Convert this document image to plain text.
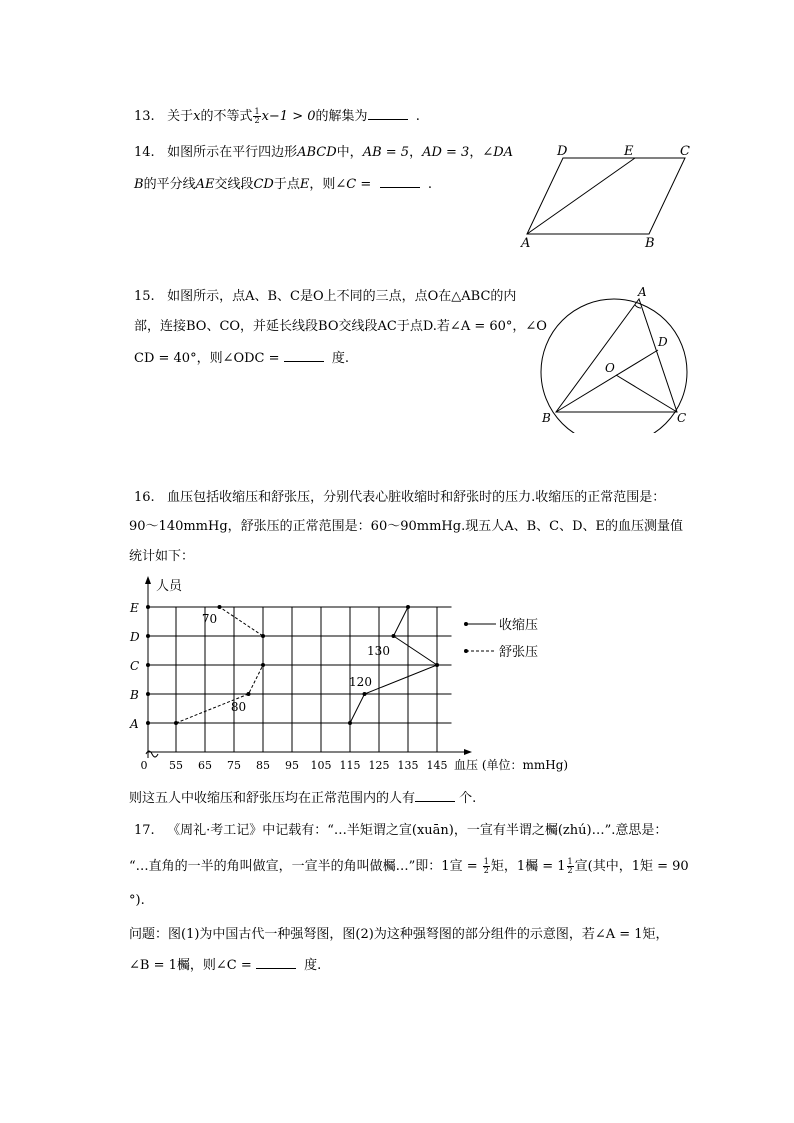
13. 关于x的不等式 $\frac{1}{2} x-1 > 0$的解集为	.
14. 如图所示在平行四边形ABCD中，AB = 5，AD = 3，∠DA
B的平分线AE交线段CD于点E，则∠C =	.
D	E	C
A	B
15. 如图所示，点A、B、C是O上不同的三点，点O在△ABC的内
部，连接BO、CO，并延长线段BO交线段AC于点D.若∠A = 60°，∠O
CD = 40°，则∠ODC =	度.
A
D
O
B	C
16. 血压包括收缩压和舒张压，分别代表心脏收缩时和舒张时的压力.收缩压的正常范围是：
90～140mmHg，舒张压的正常范围是：60～90mmHg.现五人A、B、C、D、E的血压测量值
统计如下：
人员
A
B
C
D
E
55 65 75 85 95 105 115 125 135 145
0	血压 (单位：mmHg)
70
80
120
130
收缩压
舒张压
则这五人中收缩压和舒张压均在正常范围内的人有	个.
17. 《周礼·考工记》中记载有：“…半矩谓之宣(xuān)，一宣有半谓之欘(zhú)…”.意思是：
“…直角的一半的角叫做宣，一宣半的角叫做欘…”即：1宣 = $\frac{1}{2}$ 矩，1欘 = $1 \frac{1}{2}$ 宣(其中，1矩 = 90
°).
问题：图(1)为中国古代一种强弩图，图(2)为这种强弩图的部分组件的示意图，若∠A = 1矩，
∠B = 1欘，则∠C =	度.
